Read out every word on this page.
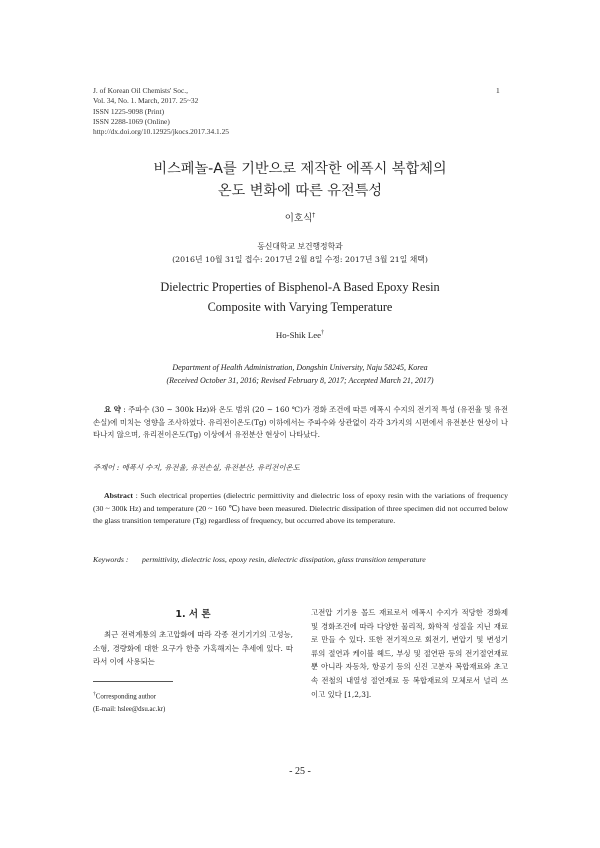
J. of Korean Oil Chemists' Soc.,
Vol. 34, No. 1. March, 2017. 25~32
ISSN 1225-9098 (Print)
ISSN 2288-1069 (Online)
http://dx.doi.org/10.12925/jkocs.2017.34.1.25
1
비스페놀-A를 기반으로 제작한 에폭시 복합체의
온도 변화에 따른 유전특성
이호식†
동신대학교 보건행정학과
(2016년 10월 31일 접수: 2017년 2월 8일 수정: 2017년 3월 21일 채택)
Dielectric Properties of Bisphenol-A Based Epoxy Resin
Composite with Varying Temperature
Ho-Shik Lee†
Department of Health Administration, Dongshin University, Naju 58245, Korea
(Received October 31, 2016; Revised February 8, 2017; Accepted March 21, 2017)
요 약 : 주파수 (30 ~ 300k Hz)와 온도 범위 (20 ~ 160 ℃)가 경화 조건에 따른 에폭시 수지의 전기적 특성 (유전율 및 유전손실)에 미치는 영향을 조사하였다. 유리전이온도(Tg) 이하에서는 주파수와 상관없이 각각 3가지의 시편에서 유전분산 현상이 나타나지 않으며, 유리전이온도(Tg) 이상에서 유전분산 현상이 나타났다.
주제어 : 에폭시 수지, 유전율, 유전손실, 유전분산, 유리전이온도
Abstract : Such electrical properties (dielectric permittivity and dielectric loss of epoxy resin with the variations of frequency (30 ~ 300k Hz) and temperature (20 ~ 160 ℃) have been measured. Dielectric dissipation of three specimen did not occurred below the glass transition temperature (Tg) regardless of frequency, but occurred above its temperature.
Keywords : permittivity, dielectric loss, epoxy resin, dielectric dissipation, glass transition temperature
1. 서 론
최근 전력계통의 초고압화에 따라 각종 전기기기의 고성능, 소형, 경량화에 대한 요구가 한층 가혹해지는 추세에 있다. 따라서 이에 사용되는
†Corresponding author
(E-mail: hslee@dsu.ac.kr)
고전압 기기용 몰드 재료로서 에폭시 수지가 적당한 경화제 및 경화조건에 따라 다양한 물리적, 화학적 성질을 지닌 재료로 만들 수 있다. 또한 전기적으로 회전기, 변압기 및 변성기류의 절연과 케이블 헤드, 부싱 및 절연판 등의 전기절연재료뿐 아니라 자동차, 항공기 등의 신진 고분자 복합재료와 초고속 전철의 내열성 절연재료 등 복합재료의 모체로서 널리 쓰이고 있다 [1,2,3].
- 25 -
